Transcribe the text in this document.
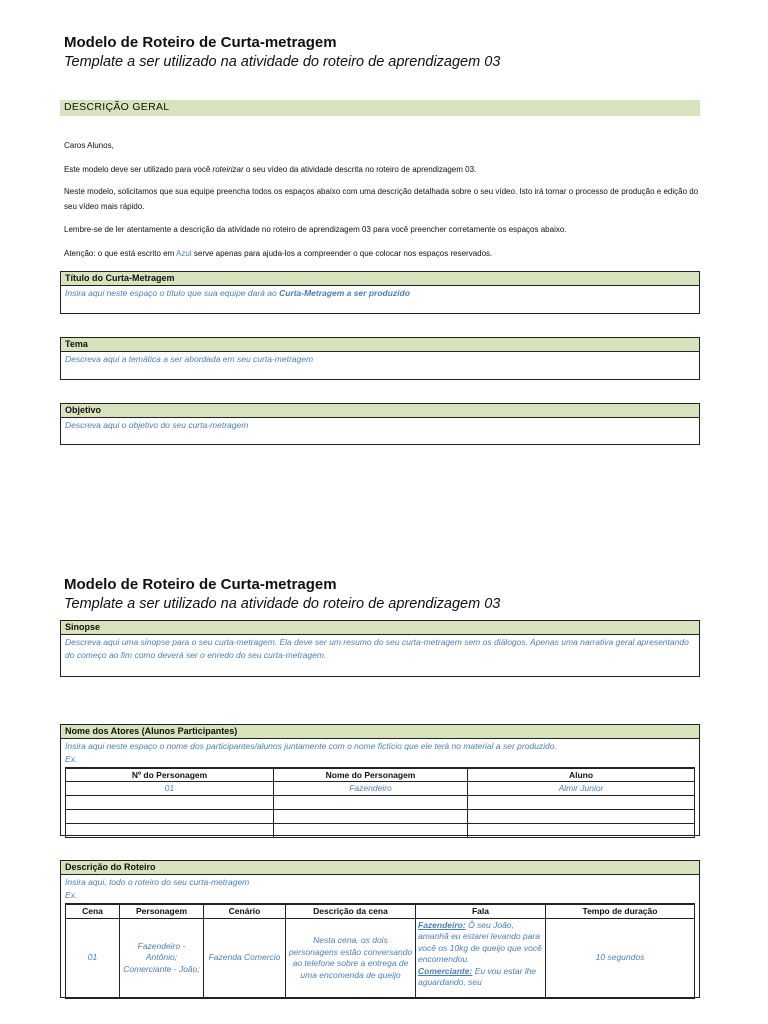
Modelo de Roteiro de Curta-metragem
Template a ser utilizado na atividade do roteiro de aprendizagem 03
DESCRIÇÃO GERAL
Caros Alunos,
Este modelo deve ser utilizado para você roteirizar o seu vídeo da atividade descrita no roteiro de aprendizagem 03.
Neste modelo, solicitamos que sua equipe preencha todos os espaços abaixo com uma descrição detalhada sobre o seu vídeo. Isto irá tornar o processo de produção e edição do seu vídeo mais rápido.
Lembre-se de ler atentamente a descrição da atividade no roteiro de aprendizagem 03 para você preencher corretamente os espaços abaixo.
Atenção: o que está escrito em Azul serve apenas para ajuda-los a compreender o que colocar nos espaços reservados.
Título do Curta-Metragem
Insira aqui neste espaço o título que sua equipe dará ao Curta-Metragem a ser produzido
Tema
Descreva aqui a temática a ser abordada em seu curta-metragem
Objetivo
Descreva aqui o objetivo do seu curta-metragem
Modelo de Roteiro de Curta-metragem
Template a ser utilizado na atividade do roteiro de aprendizagem 03
Sinopse
Descreva aqui uma sinopse para o seu curta-metragem. Ela deve ser um resumo do seu curta-metragem sem os diálogos. Apenas uma narrativa geral apresentando do começo ao fim como deverá ser o enredo do seu curta-metragem.
Nome dos Atores (Alunos Participantes)
Insira aqui neste espaço o nome dos participantes/alunos juntamente com o nome fictício que ele terá no material a ser produzido.
Ex.
Nº do Personagem	Nome do Personagem	Aluno
01	Fazendeiro	Almir Junior

Descrição do Roteiro
Insira aqui, todo o roteiro do seu curta-metragem
Ex.
Cena	Personagem	Cenário	Descrição da cena	Fala	Tempo de duração
01	Fazendeiro - Antônio; Comerciante - João;	Fazenda Comercio	Nesta cena, os dois personagens estão conversando ao telefone sobre a entrega de uma encomenda de queijo	Fazendeiro: Ô seu João, amanhã eu estarei levando para você os 10kg de queijo que você encomendou.
Comerciante: Eu vou estar lhe aguardando, seu	10 segundos
